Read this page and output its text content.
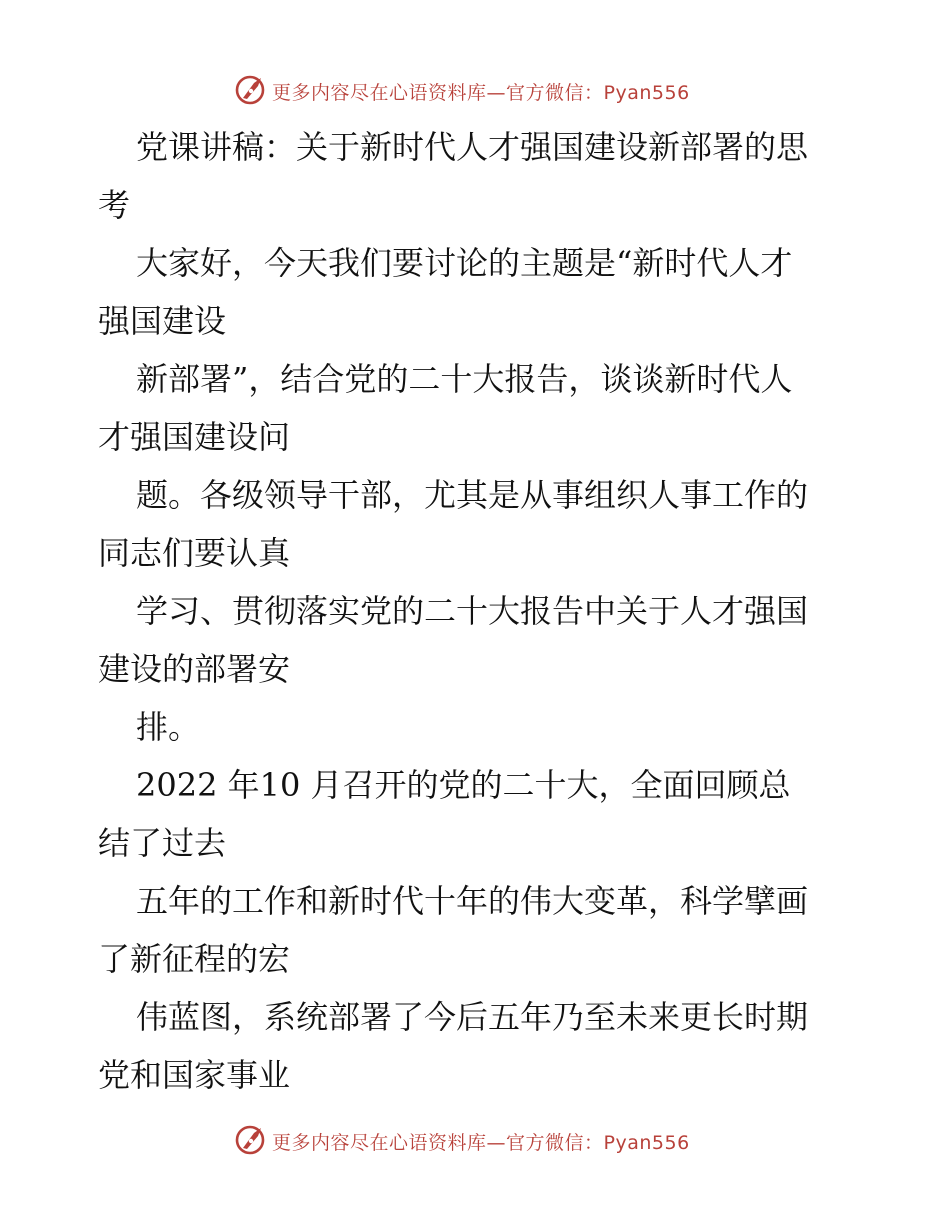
更多内容尽在心语资料库—官方微信：Pyan556
党课讲稿：关于新时代人才强国建设新部署的思
考
大家好，今天我们要讨论的主题是“新时代人才
强国建设
新部署”，结合党的二十大报告，谈谈新时代人
才强国建设问
题。各级领导干部，尤其是从事组织人事工作的
同志们要认真
学习、贯彻落实党的二十大报告中关于人才强国
建设的部署安
排。
2022 年10 月召开的党的二十大，全面回顾总
结了过去
五年的工作和新时代十年的伟大变革，科学擘画
了新征程的宏
伟蓝图，系统部署了今后五年乃至未来更长时期
党和国家事业
更多内容尽在心语资料库—官方微信：Pyan556
